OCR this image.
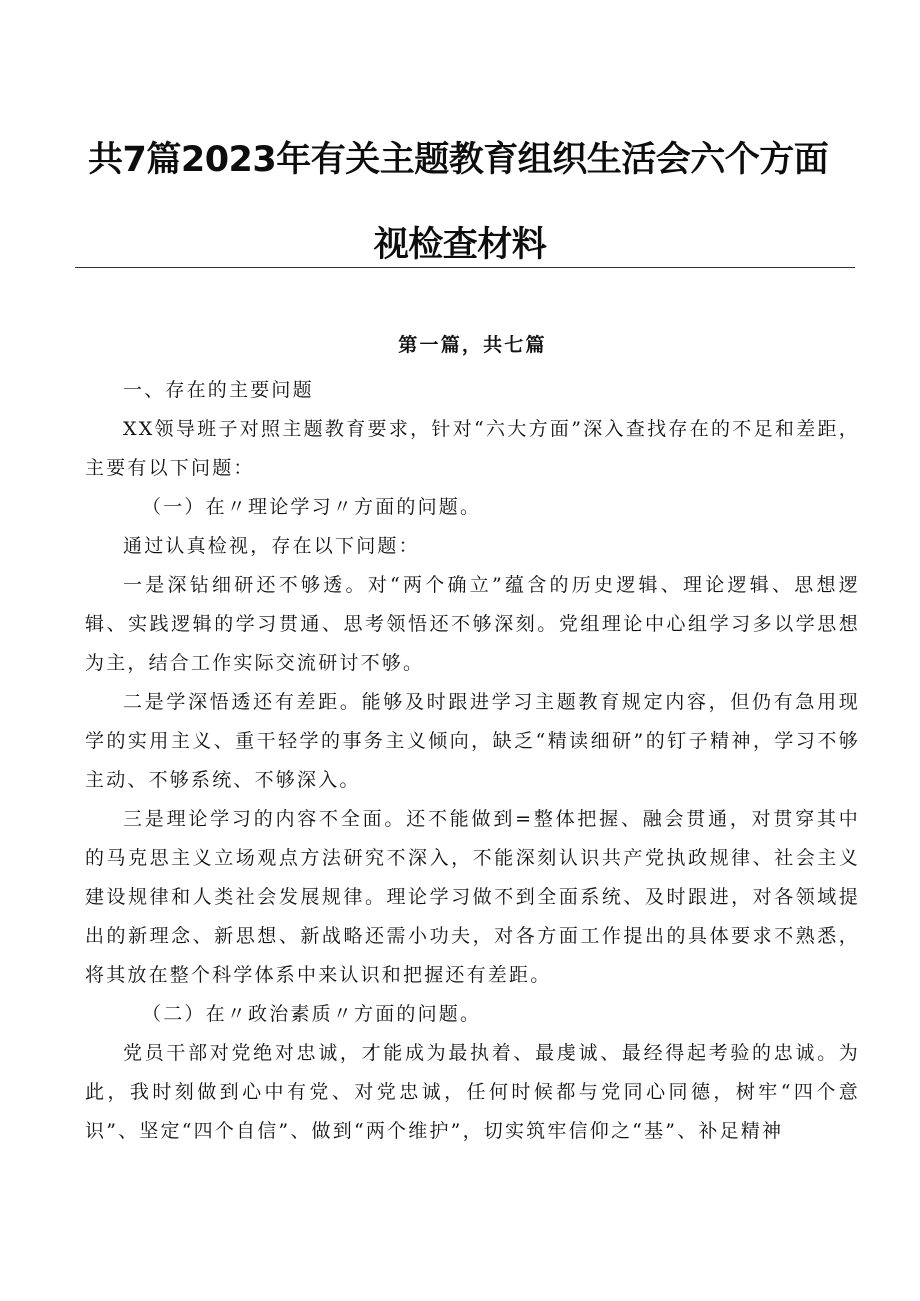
共7篇2023年有关主题教育组织生活会六个方面
视检查材料

第一篇，共七篇

一、存在的主要问题

XX领导班子对照主题教育要求，针对“六大方面”深入查找存在的不足和差距，主要有以下问题：

（一）在〃理论学习〃方面的问题。

通过认真检视，存在以下问题：

一是深钻细研还不够透。对“两个确立”蕴含的历史逻辑、理论逻辑、思想逻辑、实践逻辑的学习贯通、思考领悟还不够深刻。党组理论中心组学习多以学思想为主，结合工作实际交流研讨不够。

二是学深悟透还有差距。能够及时跟进学习主题教育规定内容，但仍有急用现学的实用主义、重干轻学的事务主义倾向，缺乏“精读细研”的钉子精神，学习不够主动、不够系统、不够深入。

三是理论学习的内容不全面。还不能做到=整体把握、融会贯通，对贯穿其中的马克思主义立场观点方法研究不深入，不能深刻认识共产党执政规律、社会主义建设规律和人类社会发展规律。理论学习做不到全面系统、及时跟进，对各领域提出的新理念、新思想、新战略还需小功夫，对各方面工作提出的具体要求不熟悉，将其放在整个科学体系中来认识和把握还有差距。

（二）在〃政治素质〃方面的问题。

党员干部对党绝对忠诚，才能成为最执着、最虔诚、最经得起考验的忠诚。为此，我时刻做到心中有党、对党忠诚，任何时候都与党同心同德，树牢“四个意识”、坚定“四个自信”、做到“两个维护”，切实筑牢信仰之“基”、补足精神
